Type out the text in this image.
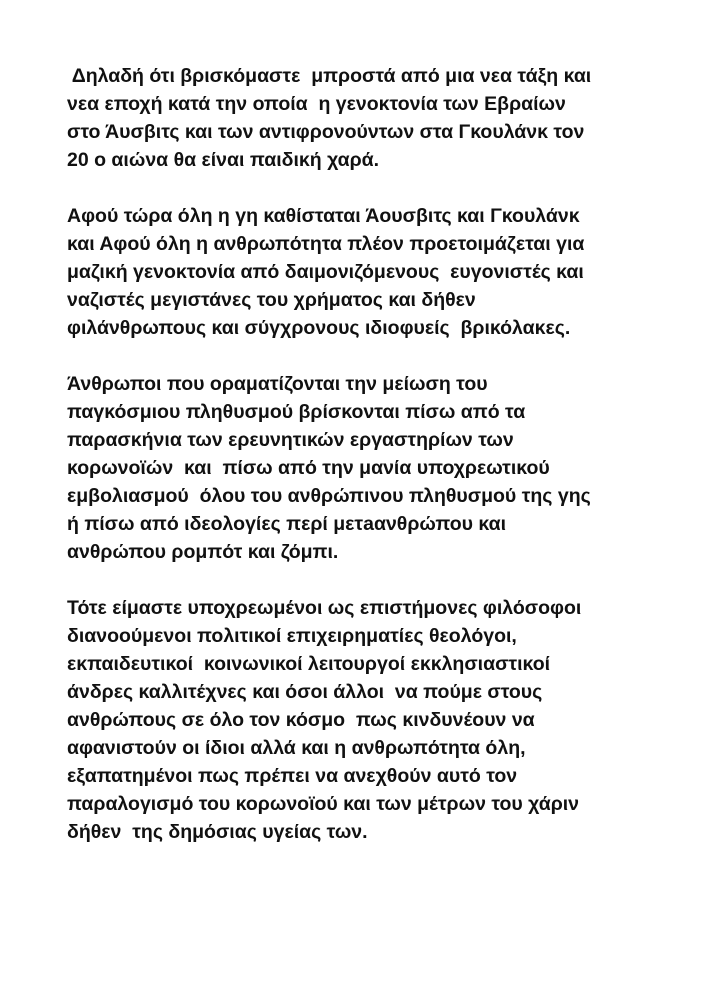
Δηλαδή ότι βρισκόμαστε  μπροστά από μια νεα τάξη και
νεα εποχή κατά την οποία  η γενοκτονία των Εβραίων
στο Άυσβιτς και των αντιφρονούντων στα Γκουλάνκ τον
20 ο αιώνα θα είναι παιδική χαρά.

Αφού τώρα όλη η γη καθίσταται Άουσβιτς και Γκουλάνκ
και Αφού όλη η ανθρωπότητα πλέον προετοιμάζεται για
μαζική γενοκτονία από δαιμονιζόμενους  ευγονιστές και
ναζιστές μεγιστάνες του χρήματος και δήθεν
φιλάνθρωπους και σύγχρονους ιδιοφυείς  βρικόλακες.

Άνθρωποι που οραματίζονται την μείωση του
παγκόσμιου πληθυσμού βρίσκονται πίσω από τα
παρασκήνια των ερευνητικών εργαστηρίων των
κορωνοϊών  και  πίσω από την μανία υποχρεωτικού
εμβολιασμού  όλου του ανθρώπινου πληθυσμού της γης
ή πίσω από ιδεολογίες περί μετaανθρώπου και
ανθρώπου ρομπότ και ζόμπι.

Τότε είμαστε υποχρεωμένοι ως επιστήμονες φιλόσοφοι
διανοούμενοι πολιτικοί επιχειρηματίες θεολόγοι,
εκπαιδευτικοί  κοινωνικοί λειτουργοί εκκλησιαστικοί
άνδρες καλλιτέχνες και όσοι άλλοι  να πούμε στους
ανθρώπους σε όλο τον κόσμο  πως κινδυνέουν να
αφανιστούν οι ίδιοι αλλά και η ανθρωπότητα όλη,
εξαπατημένοι πως πρέπει να ανεχθούν αυτό τον
παραλογισμό του κορωνοϊού και των μέτρων του χάριν
δήθεν  της δημόσιας υγείας των.
